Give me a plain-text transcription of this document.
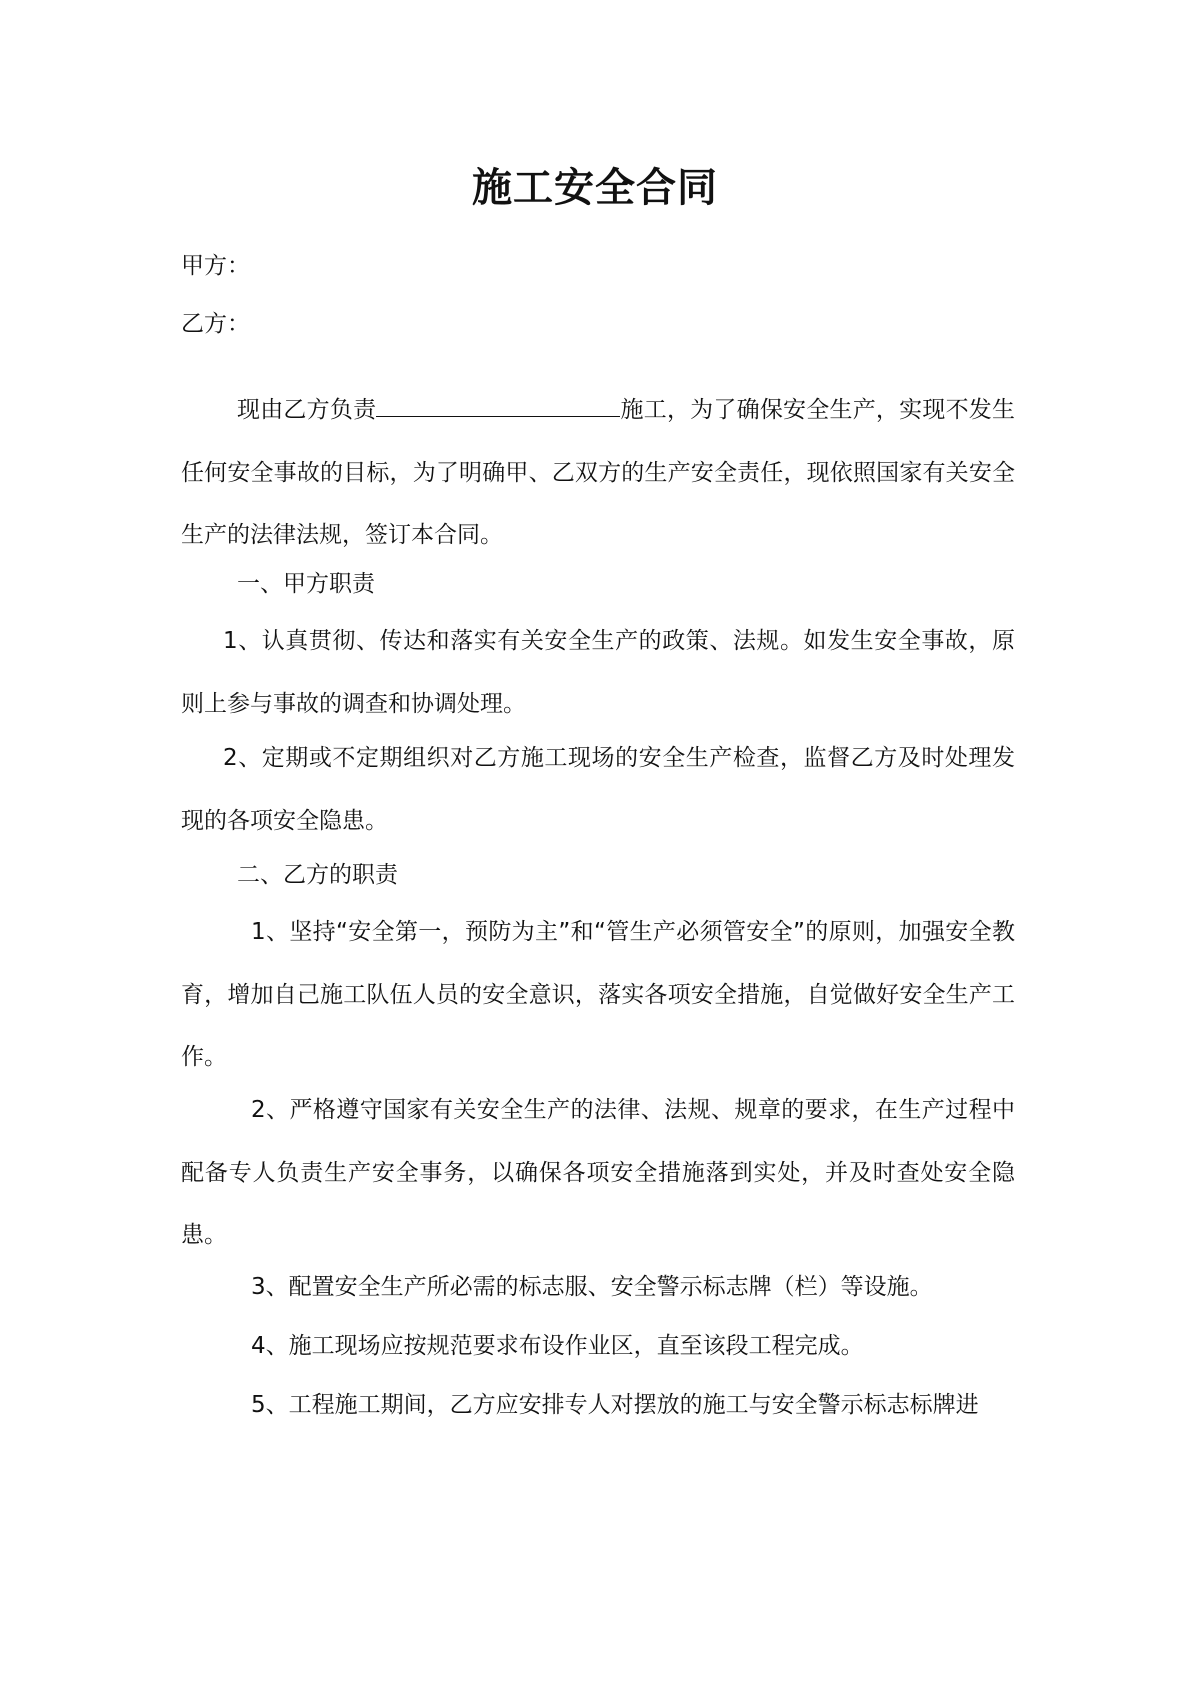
施工安全合同
甲方：
乙方：

现由乙方负责	施工，为了确保安全生产，实现不发生任何安全事故的目标，为了明确甲、乙双方的生产安全责任，现依照国家有关安全生产的法律法规，签订本合同。

一、甲方职责

1、认真贯彻、传达和落实有关安全生产的政策、法规。如发生安全事故，原则上参与事故的调查和协调处理。

2、定期或不定期组织对乙方施工现场的安全生产检查，监督乙方及时处理发现的各项安全隐患。

二、乙方的职责

1、坚持“安全第一，预防为主”和“管生产必须管安全”的原则，加强安全教育，增加自己施工队伍人员的安全意识，落实各项安全措施，自觉做好安全生产工作。

2、严格遵守国家有关安全生产的法律、法规、规章的要求，在生产过程中配备专人负责生产安全事务，以确保各项安全措施落到实处，并及时查处安全隐患。

3、配置安全生产所必需的标志服、安全警示标志牌（栏）等设施。

4、施工现场应按规范要求布设作业区，直至该段工程完成。

5、工程施工期间，乙方应安排专人对摆放的施工与安全警示标志标牌进
